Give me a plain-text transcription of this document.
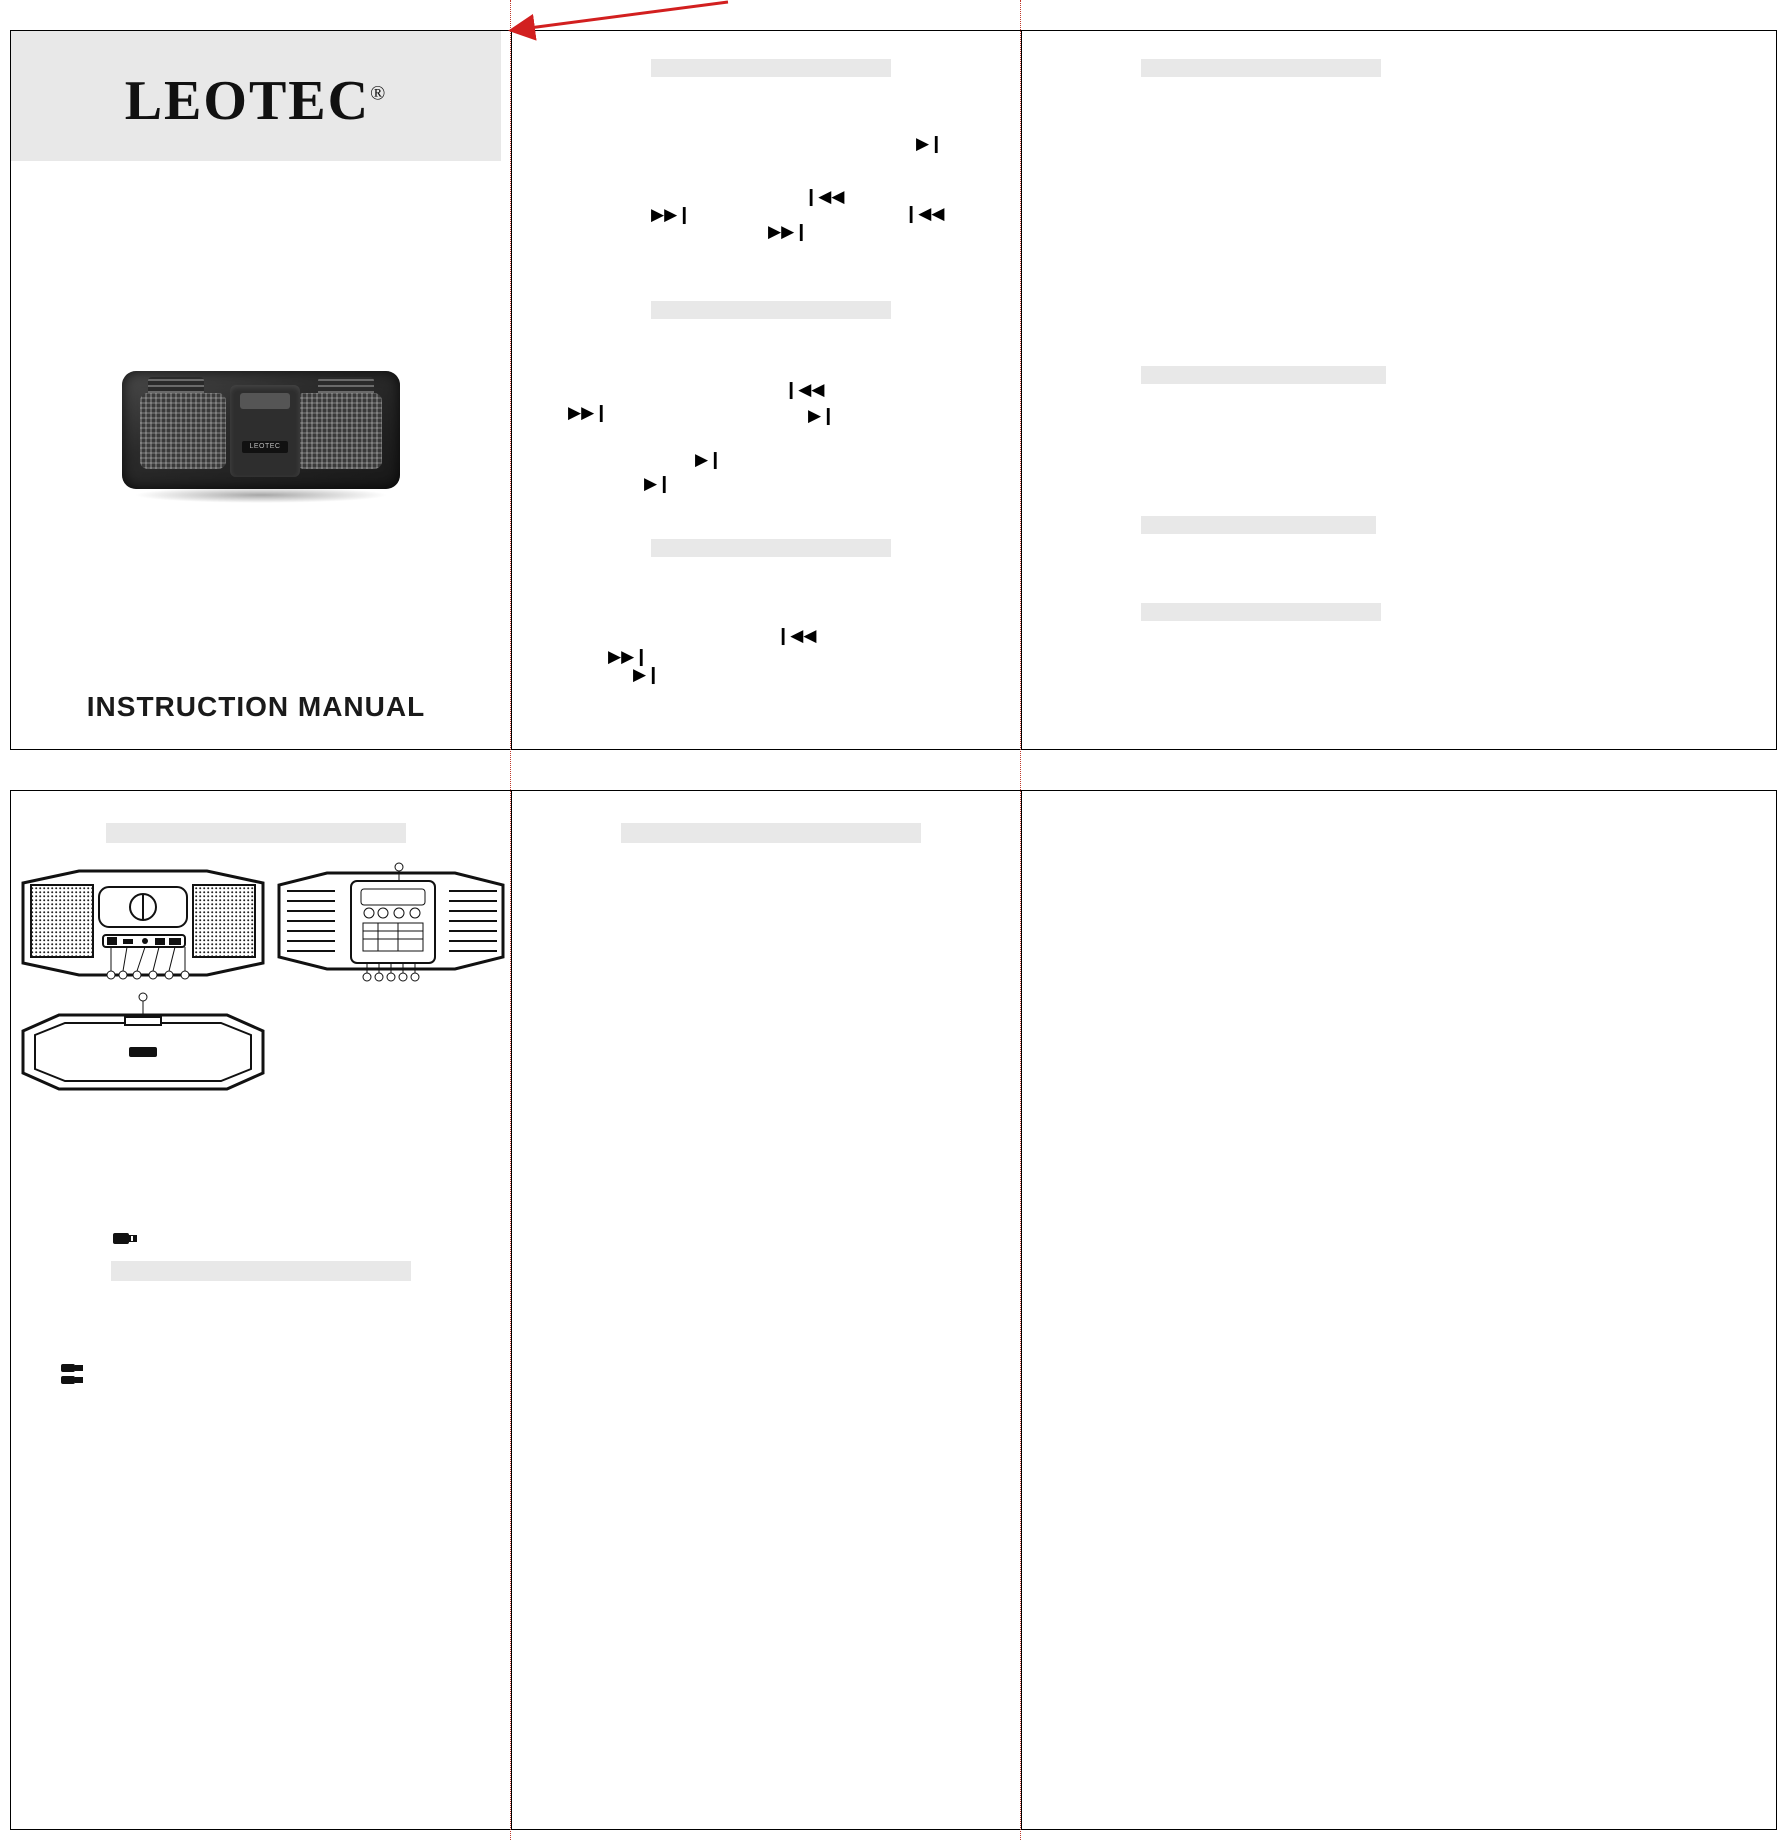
LEOTEC®
LEOTEC
INSTRUCTION MANUAL
▶❙
❙◀◀
▶▶❙	❙◀◀
▶▶❙
❙◀◀
▶▶❙	▶❙
▶❙
▶❙
❙◀◀
▶▶❙
▶❙
